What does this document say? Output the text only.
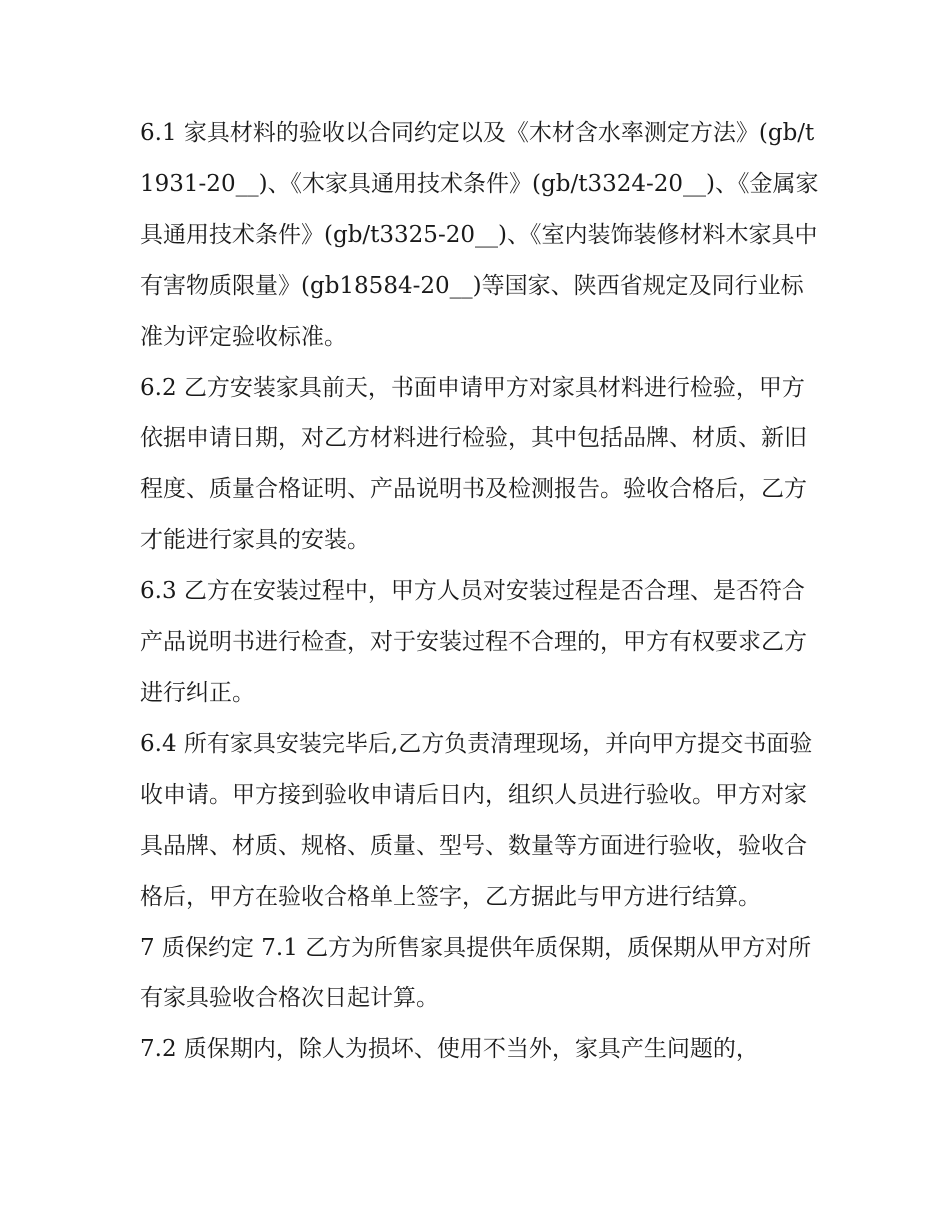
6.1 家具材料的验收以合同约定以及《木材含水率测定方法》(gb/t1931-20__)、《木家具通用技术条件》(gb/t3324-20__)、《金属家具通用技术条件》(gb/t3325-20__)、《室内装饰装修材料木家具中有害物质限量》(gb18584-20__)等国家、陕西省规定及同行业标准为评定验收标准。

6.2 乙方安装家具前天，书面申请甲方对家具材料进行检验，甲方依据申请日期，对乙方材料进行检验，其中包括品牌、材质、新旧程度、质量合格证明、产品说明书及检测报告。验收合格后，乙方才能进行家具的安装。

6.3 乙方在安装过程中，甲方人员对安装过程是否合理、是否符合产品说明书进行检查，对于安装过程不合理的，甲方有权要求乙方进行纠正。

6.4 所有家具安装完毕后,乙方负责清理现场，并向甲方提交书面验收申请。甲方接到验收申请后日内，组织人员进行验收。甲方对家具品牌、材质、规格、质量、型号、数量等方面进行验收，验收合格后，甲方在验收合格单上签字，乙方据此与甲方进行结算。

7 质保约定 7.1 乙方为所售家具提供年质保期，质保期从甲方对所有家具验收合格次日起计算。

7.2 质保期内，除人为损坏、使用不当外，家具产生问题的，
